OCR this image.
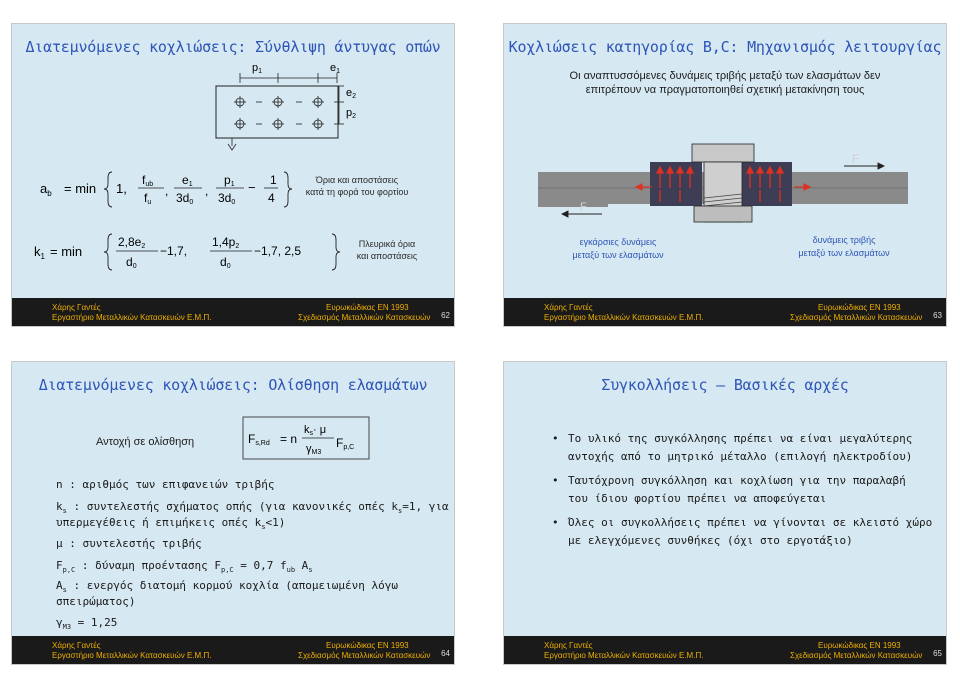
Διατεμνόμενες κοχλιώσεις: Σύνθλιψη άντυγας οπών
p1	e1
e2
p2
$a_b = \min 1$,
fub
fu
,
e1
3d0
,
p1
3d0
− 1
4
Όρια και αποστάσεις
κατά τη φορά του φορτίου
$k_1 = \min$
2,8e2
d0
−1,7,
1,4p2
d0
−1,7, 2,5	Πλευρικά όρια
και αποστάσεις
Χάρης Γαντές
Εργαστήριο Μεταλλικών Κατασκευών Ε.Μ.Π.
Ευρωκώδικας EN 1993
Σχεδιασμός Μεταλλικών Κατασκευών 62
Κοχλιώσεις κατηγορίας B,C: Μηχανισμός λειτουργίας
Οι αναπτυσσόμενες δυνάμεις τριβής μεταξύ των ελασμάτων δεν
επιτρέπουν να πραγματοποιηθεί σχετική μετακίνηση τους
F
F
εγκάρσιες δυνάμεις
μεταξύ των ελασμάτων
δυνάμεις τριβής
μεταξύ των ελασμάτων
Χάρης Γαντές
Εργαστήριο Μεταλλικών Κατασκευών Ε.Μ.Π.
Ευρωκώδικας EN 1993
Σχεδιασμός Μεταλλικών Κατασκευών 63
Διατεμνόμενες κοχλιώσεις: Ολίσθηση ελασμάτων
Αντοχή σε ολίσθηση	Fs,Rd = n
ks· μ
γM3
Fp,C
n : αριθμός των επιφανειών τριβής
$k_s$ : συντελεστής σχήματος οπής (για κανονικές οπές $k_s=1$, για
υπερμεγέθεις ή επιμήκεις οπές $k_s<1$)
μ : συντελεστής τριβής
$F_{p,C}$ : δύναμη προέντασης $F_{p,C} = 0,7$ $f_{ub}$ $A_s$
$A_s$ : ενεργός διατομή κορμού κοχλία (απομειωμένη λόγω
σπειρώματος)
$\gamma_{M3} = 1,25$
Χάρης Γαντές
Εργαστήριο Μεταλλικών Κατασκευών Ε.Μ.Π.
Ευρωκώδικας EN 1993
Σχεδιασμός Μεταλλικών Κατασκευών 64
Συγκολλήσεις – Βασικές αρχές
• Το υλικό της συγκόλλησης πρέπει να είναι μεγαλύτερης
αντοχής από το μητρικό μέταλλο (επιλογή ηλεκτροδίου)
• Ταυτόχρονη συγκόλληση και κοχλίωση για την παραλαβή
του ίδιου φορτίου πρέπει να αποφεύγεται
• Όλες οι συγκολλήσεις πρέπει να γίνονται σε κλειστό χώρο
με ελεγχόμενες συνθήκες (όχι στο εργοτάξιο)
Χάρης Γαντές
Εργαστήριο Μεταλλικών Κατασκευών Ε.Μ.Π.
Ευρωκώδικας EN 1993
Σχεδιασμός Μεταλλικών Κατασκευών 65
